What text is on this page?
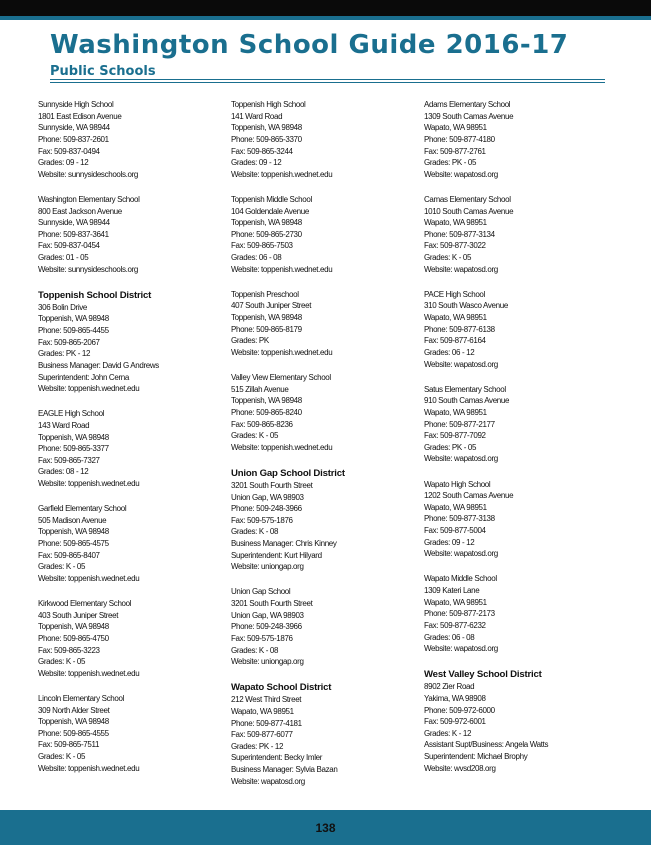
Washington School Guide 2016-17
Public Schools
Sunnyside High School
1801 East Edison Avenue
Sunnyside, WA 98944
Phone: 509-837-2601
Fax: 509-837-0494
Grades: 09 - 12
Website: sunnysideschools.org
Washington Elementary School
800 East Jackson Avenue
Sunnyside, WA 98944
Phone: 509-837-3641
Fax: 509-837-0454
Grades: 01 - 05
Website: sunnysideschools.org
Toppenish School District
306 Bolin Drive
Toppenish, WA 98948
Phone: 509-865-4455
Fax: 509-865-2067
Grades: PK - 12
Business Manager: David G Andrews
Superintendent: John Cerna
Website: toppenish.wednet.edu
EAGLE High School
143 Ward Road
Toppenish, WA 98948
Phone: 509-865-3377
Fax: 509-865-7327
Grades: 08 - 12
Website: toppenish.wednet.edu
Garfield Elementary School
505 Madison Avenue
Toppenish, WA 98948
Phone: 509-865-4575
Fax: 509-865-8407
Grades: K - 05
Website: toppenish.wednet.edu
Kirkwood Elementary School
403 South Juniper Street
Toppenish, WA 98948
Phone: 509-865-4750
Fax: 509-865-3223
Grades: K - 05
Website: toppenish.wednet.edu
Lincoln Elementary School
309 North Alder Street
Toppenish, WA 98948
Phone: 509-865-4555
Fax: 509-865-7511
Grades: K - 05
Website: toppenish.wednet.edu
Toppenish High School
141 Ward Road
Toppenish, WA 98948
Phone: 509-865-3370
Fax: 509-865-3244
Grades: 09 - 12
Website: toppenish.wednet.edu
Toppenish Middle School
104 Goldendale Avenue
Toppenish, WA 98948
Phone: 509-865-2730
Fax: 509-865-7503
Grades: 06 - 08
Website: toppenish.wednet.edu
Toppenish Preschool
407 South Juniper Street
Toppenish, WA 98948
Phone: 509-865-8179
Grades: PK
Website: toppenish.wednet.edu
Valley View Elementary School
515 Zillah Avenue
Toppenish, WA 98948
Phone: 509-865-8240
Fax: 509-865-8236
Grades: K - 05
Website: toppenish.wednet.edu
Union Gap School District
3201 South Fourth Street
Union Gap, WA 98903
Phone: 509-248-3966
Fax: 509-575-1876
Grades: K - 08
Business Manager: Chris Kinney
Superintendent: Kurt Hilyard
Website: uniongap.org
Union Gap School
3201 South Fourth Street
Union Gap, WA 98903
Phone: 509-248-3966
Fax: 509-575-1876
Grades: K - 08
Website: uniongap.org
Wapato School District
212 West Third Street
Wapato, WA 98951
Phone: 509-877-4181
Fax: 509-877-6077
Grades: PK - 12
Superintendent: Becky Imler
Business Manager: Sylvia Bazan
Website: wapatosd.org
Adams Elementary School
1309 South Camas Avenue
Wapato, WA 98951
Phone: 509-877-4180
Fax: 509-877-2761
Grades: PK - 05
Website: wapatosd.org
Camas Elementary School
1010 South Camas Avenue
Wapato, WA 98951
Phone: 509-877-3134
Fax: 509-877-3022
Grades: K - 05
Website: wapatosd.org
PACE High School
310 South Wasco Avenue
Wapato, WA 98951
Phone: 509-877-6138
Fax: 509-877-6164
Grades: 06 - 12
Website: wapatosd.org
Satus Elementary School
910 South Camas Avenue
Wapato, WA 98951
Phone: 509-877-2177
Fax: 509-877-7092
Grades: PK - 05
Website: wapatosd.org
Wapato High School
1202 South Camas Avenue
Wapato, WA 98951
Phone: 509-877-3138
Fax: 509-877-5004
Grades: 09 - 12
Website: wapatosd.org
Wapato Middle School
1309 Kateri Lane
Wapato, WA 98951
Phone: 509-877-2173
Fax: 509-877-6232
Grades: 06 - 08
Website: wapatosd.org
West Valley School District
8902 Zier Road
Yakima, WA 98908
Phone: 509-972-6000
Fax: 509-972-6001
Grades: K - 12
Assistant Supt/Business: Angela Watts
Superintendent: Michael Brophy
Website: wvsd208.org
138
